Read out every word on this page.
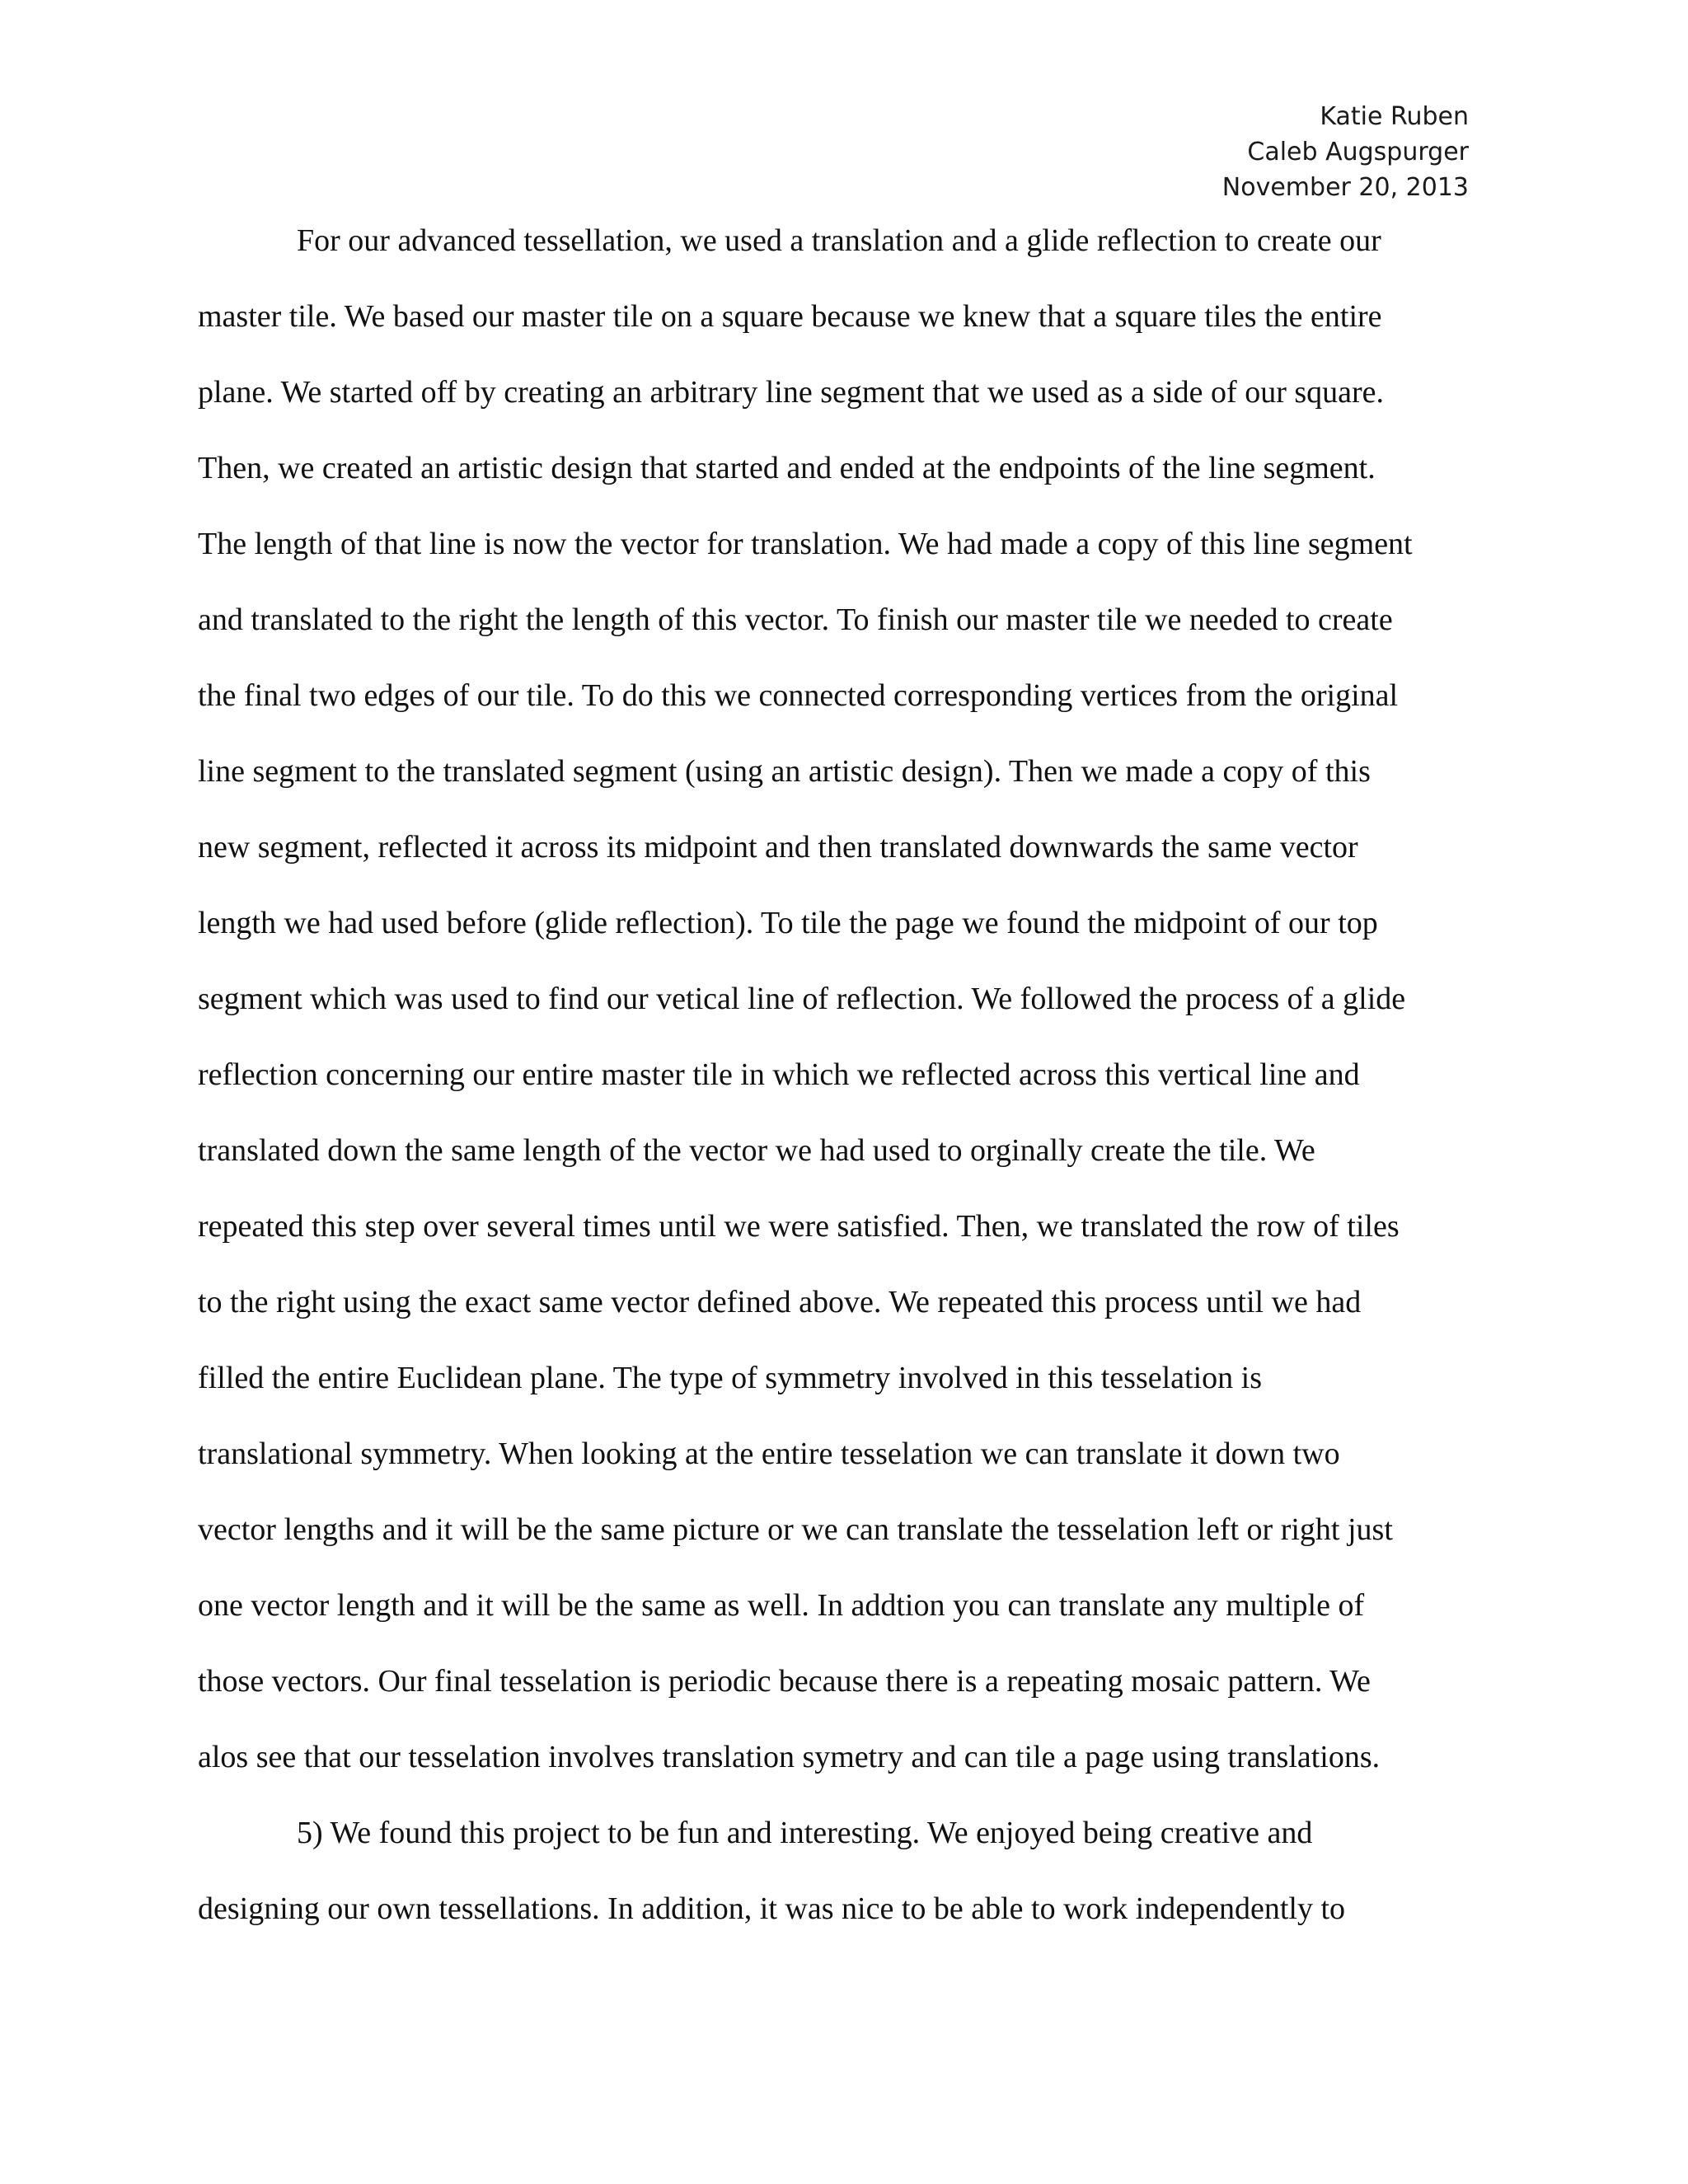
Katie Ruben
Caleb Augspurger
November 20, 2013
For our advanced tessellation, we used a translation and a glide reflection to create our
master tile. We based our master tile on a square because we knew that a square tiles the entire
plane. We started off by creating an arbitrary line segment that we used as a side of our square.
Then, we created an artistic design that started and ended at the endpoints of the line segment.
The length of that line is now the vector for translation. We had made a copy of this line segment
and translated to the right the length of this vector. To finish our master tile we needed to create
the final two edges of our tile. To do this we connected corresponding vertices from the original
line segment to the translated segment (using an artistic design). Then we made a copy of this
new segment, reflected it across its midpoint and then translated downwards the same vector
length we had used before (glide reflection). To tile the page we found the midpoint of our top
segment which was used to find our vetical line of reflection. We followed the process of a glide
reflection concerning our entire master tile in which we reflected across this vertical line and
translated down the same length of the vector we had used to orginally create the tile. We
repeated this step over several times until we were satisfied. Then, we translated the row of tiles
to the right using the exact same vector defined above. We repeated this process until we had
filled the entire Euclidean plane. The type of symmetry involved in this tesselation is
translational symmetry. When looking at the entire tesselation we can translate it down two
vector lengths and it will be the same picture or we can translate the tesselation left or right just
one vector length and it will be the same as well. In addtion you can translate any multiple of
those vectors. Our final tesselation is periodic because there is a repeating mosaic pattern. We
alos see that our tesselation involves translation symetry and can tile a page using translations.
5) We found this project to be fun and interesting. We enjoyed being creative and
designing our own tessellations. In addition, it was nice to be able to work independently to
